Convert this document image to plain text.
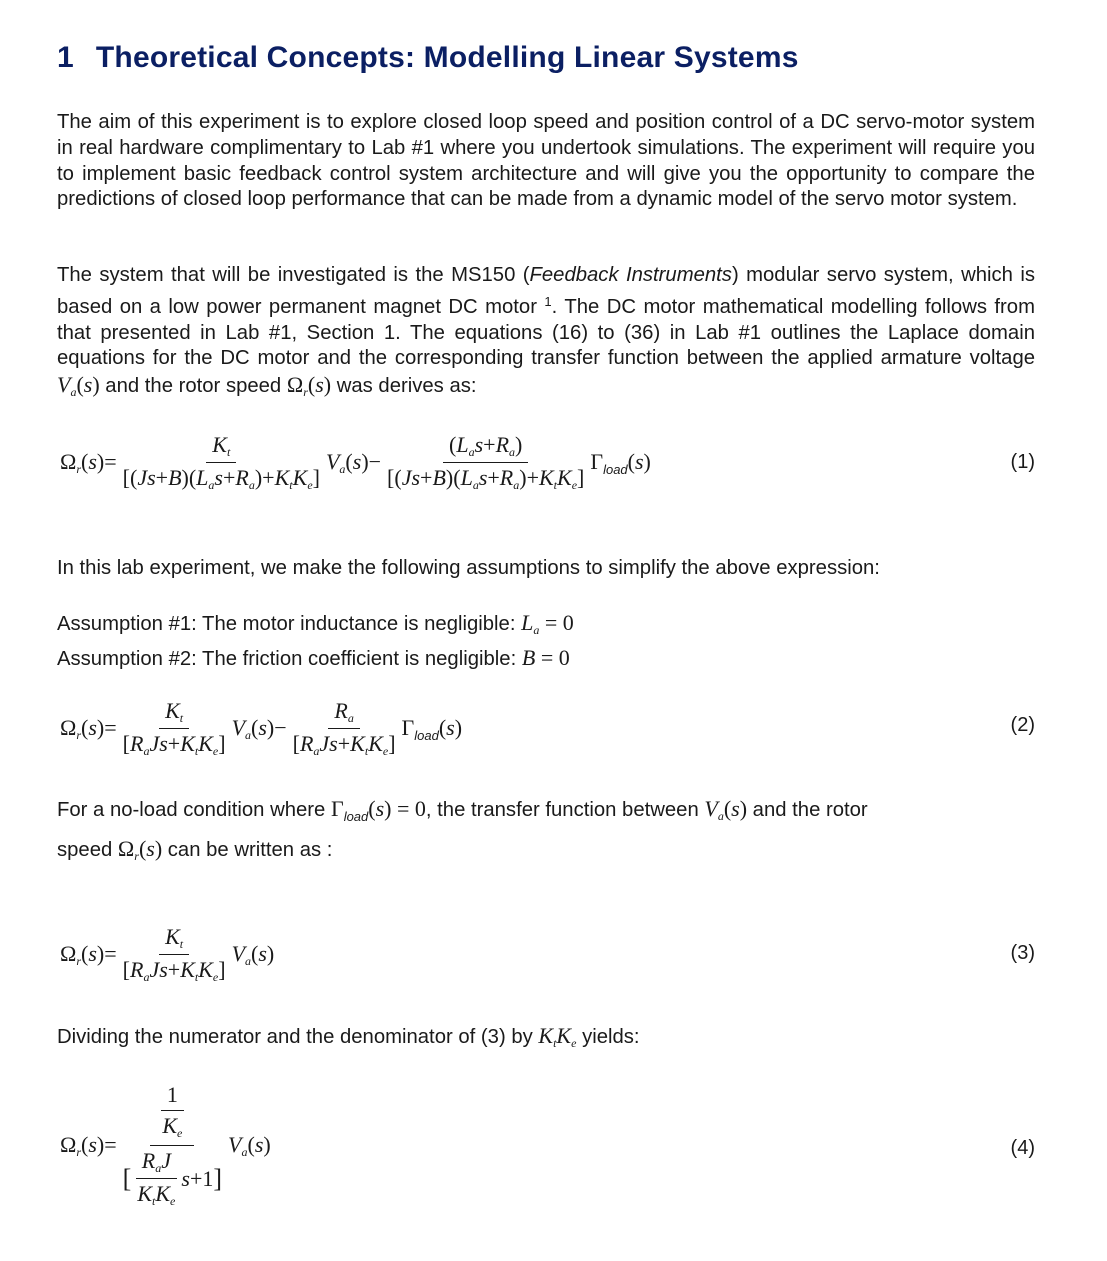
1 Theoretical Concepts: Modelling Linear Systems

The aim of this experiment is to explore closed loop speed and position control of a DC servo-motor system in real hardware complimentary to Lab #1 where you undertook simulations. The experiment will require you to implement basic feedback control system architecture and will give you the opportunity to compare the predictions of closed loop performance that can be made from a dynamic model of the servo motor system.

The system that will be investigated is the MS150 (Feedback Instruments) modular servo system, which is based on a low power permanent magnet DC motor $^1$. The DC motor mathematical modelling follows from that presented in Lab #1, Section 1. The equations (16) to (36) in Lab #1 outlines the Laplace domain equations for the DC motor and the corresponding transfer function between the applied armature voltage $V_a(s)$ and the rotor speed $\Omega_r(s)$ was derives as:

$\Omega_r(s)= \frac{K_t}{[(Js+B)(L_as+R_a)+K_tK_e]} V_a(s)- \frac{(L_as+R_a)}{[(Js+B)(L_as+R_a)+K_tK_e]} \Gamma_{load}(s)$	(1)

In this lab experiment, we make the following assumptions to simplify the above expression:

Assumption #1: The motor inductance is negligible: $L_a = 0$

Assumption #2: The friction coefficient is negligible: B = 0

$\Omega_r(s)= \frac{K_t}{[R_aJs+K_tK_e]} V_a(s)- \frac{R_a}{[R_aJs+K_tK_e]} \Gamma_{load}(s)$	(2)

For a no-load condition where $\Gamma_{load}(s) = 0$, the transfer function between $V_a(s)$ and the rotor

speed $\Omega_r(s)$ can be written as :

$\Omega_r(s)= \frac{K_t}{[R_aJs+K_tK_e]} V_a(s)$	(3)

Dividing the numerator and the denominator of (3) by $K_tK_e$ yields:

$\Omega_r(s)= \frac{\frac{1}{K_e}}{[ \frac{R_aJ}{K_tK_e} s+1 ]} V_a(s)$	(4)
